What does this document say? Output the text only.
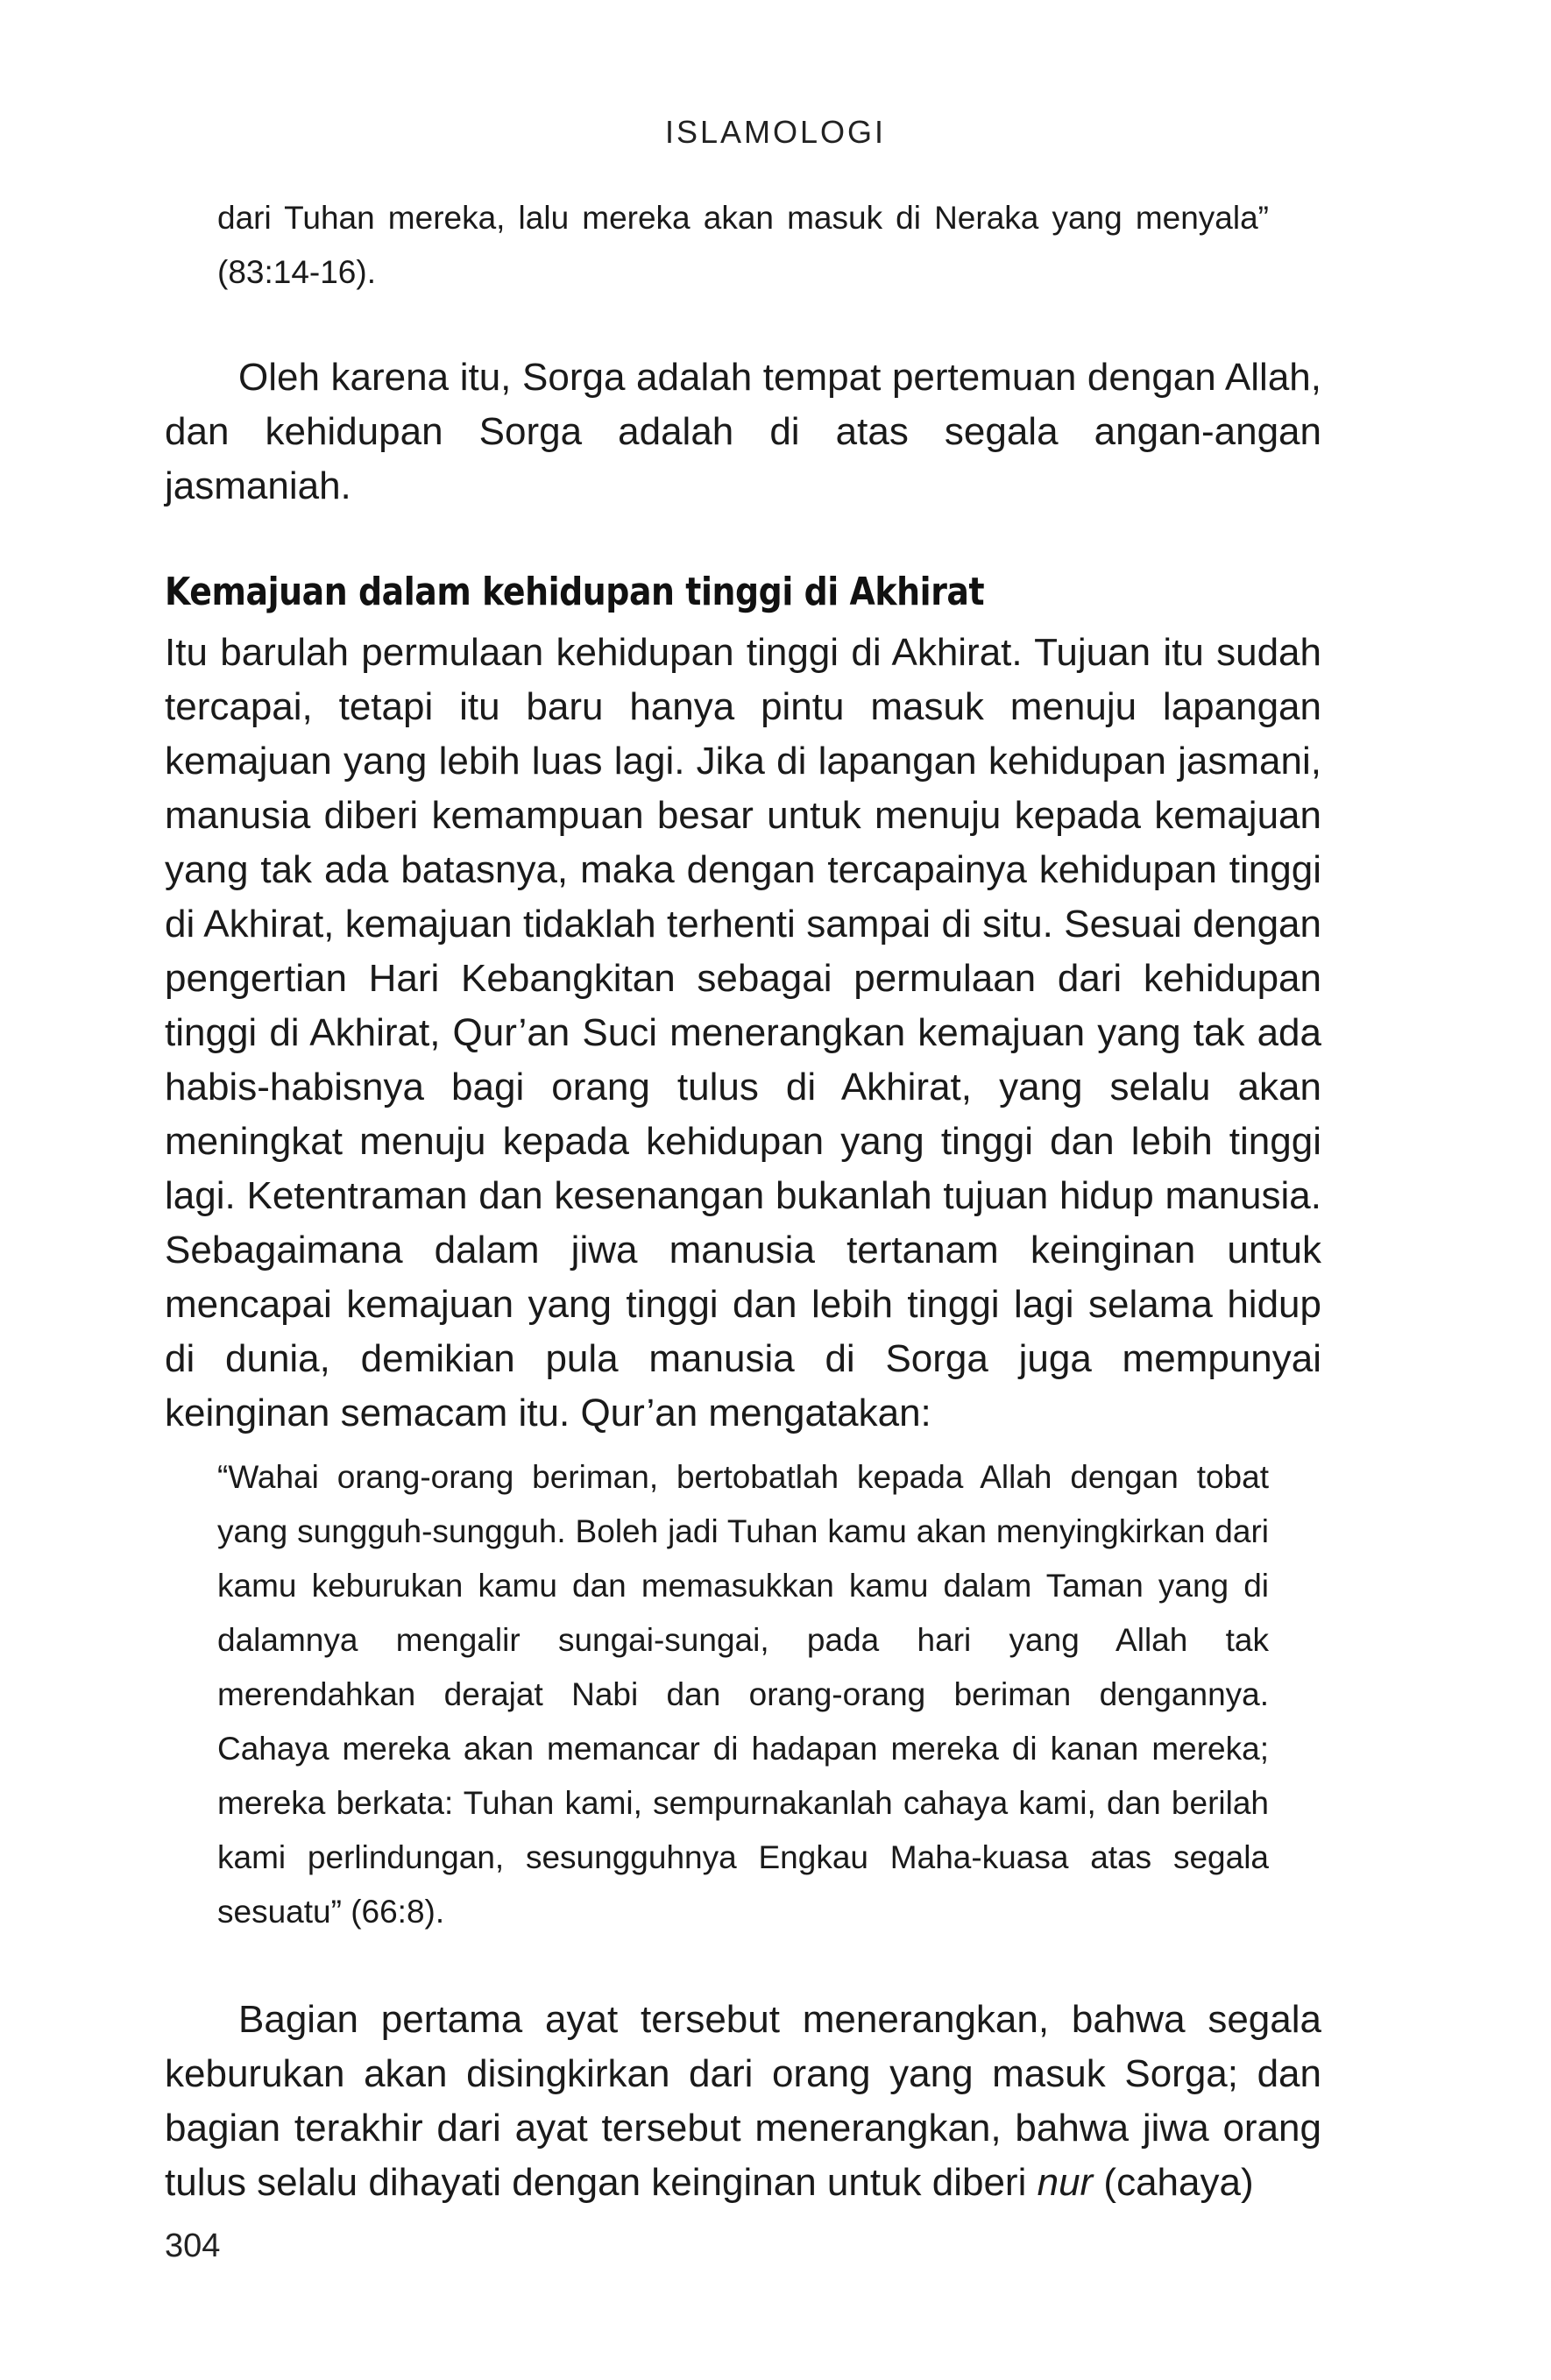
ISLAMOLOGI
dari Tuhan mereka, lalu mereka akan masuk di Neraka yang menyala” (83:14-16).

Oleh karena itu, Sorga adalah tempat pertemuan dengan Allah, dan kehidupan Sorga adalah di atas segala angan-angan jasmaniah.

Kemajuan dalam kehidupan tinggi di Akhirat

Itu barulah permulaan kehidupan tinggi di Akhirat. Tujuan itu sudah tercapai, tetapi itu baru hanya pintu masuk menuju lapangan kemajuan yang lebih luas lagi. Jika di lapangan kehidupan jasmani, manusia diberi kemampuan besar untuk menuju kepada kemajuan yang tak ada batasnya, maka dengan tercapainya kehidupan tinggi di Akhirat, kemajuan tidaklah terhenti sampai di situ. Sesuai dengan pengertian Hari Kebangkitan sebagai permulaan dari kehidupan tinggi di Akhirat, Qur’an Suci menerangkan kemajuan yang tak ada habis-habisnya bagi orang tulus di Akhirat, yang selalu akan meningkat menuju kepada kehidupan yang tinggi dan lebih tinggi lagi. Ketentraman dan kesenangan bukanlah tujuan hidup manusia. Sebagaimana dalam jiwa manusia tertanam keinginan untuk mencapai kemajuan yang tinggi dan lebih tinggi lagi selama hidup di dunia, demikian pula manusia di Sorga juga mempunyai keinginan semacam itu. Qur’an mengatakan:

“Wahai orang-orang beriman, bertobatlah kepada Allah dengan tobat yang sungguh-sungguh. Boleh jadi Tuhan kamu akan menyingkirkan dari kamu keburukan kamu dan memasukkan kamu dalam Taman yang di dalamnya mengalir sungai-sungai, pada hari yang Allah tak merendahkan derajat Nabi dan orang-orang beriman dengannya. Cahaya mereka akan memancar di hadapan mereka di kanan mereka; mereka berkata: Tuhan kami, sempurnakanlah cahaya kami, dan berilah kami perlindungan, sesungguhnya Engkau Maha-kuasa atas segala sesuatu” (66:8).

Bagian pertama ayat tersebut menerangkan, bahwa segala keburukan akan disingkirkan dari orang yang masuk Sorga; dan bagian terakhir dari ayat tersebut menerangkan, bahwa jiwa orang tulus selalu dihayati dengan keinginan untuk diberi nur (cahaya)

304
